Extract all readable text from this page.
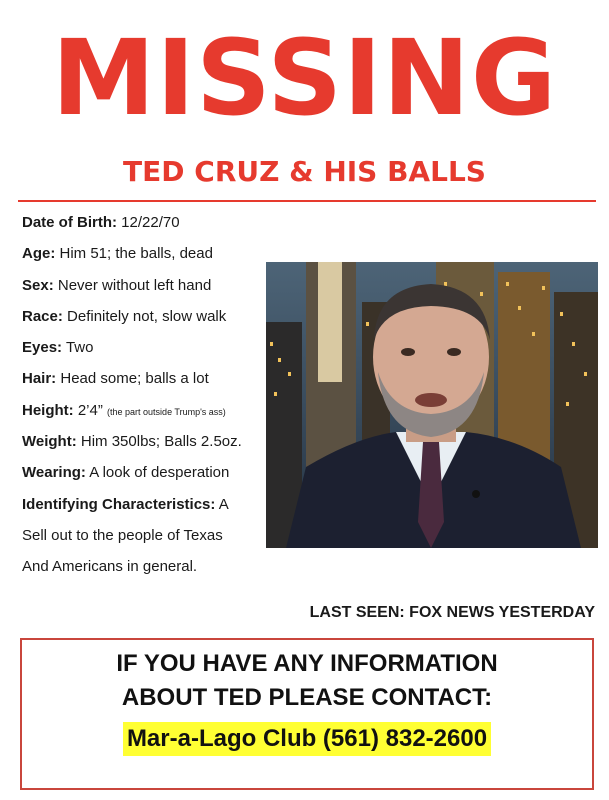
MISSING
TED CRUZ & HIS BALLS
Date of Birth: 12/22/70
Age: Him 51; the balls, dead
Sex: Never without left hand
Race: Definitely not, slow walk
Eyes: Two
Hair: Head some; balls a lot
Height: 2’4” (the part outside Trump's ass)
Weight: Him 350lbs; Balls 2.5oz.
Wearing: A look of desperation
Identifying Characteristics: A
Sell out to the people of Texas
And Americans in general.
LAST SEEN: FOX NEWS YESTERDAY
IF YOU HAVE ANY INFORMATION
ABOUT TED PLEASE CONTACT:
Mar-a-Lago Club (561) 832-2600
